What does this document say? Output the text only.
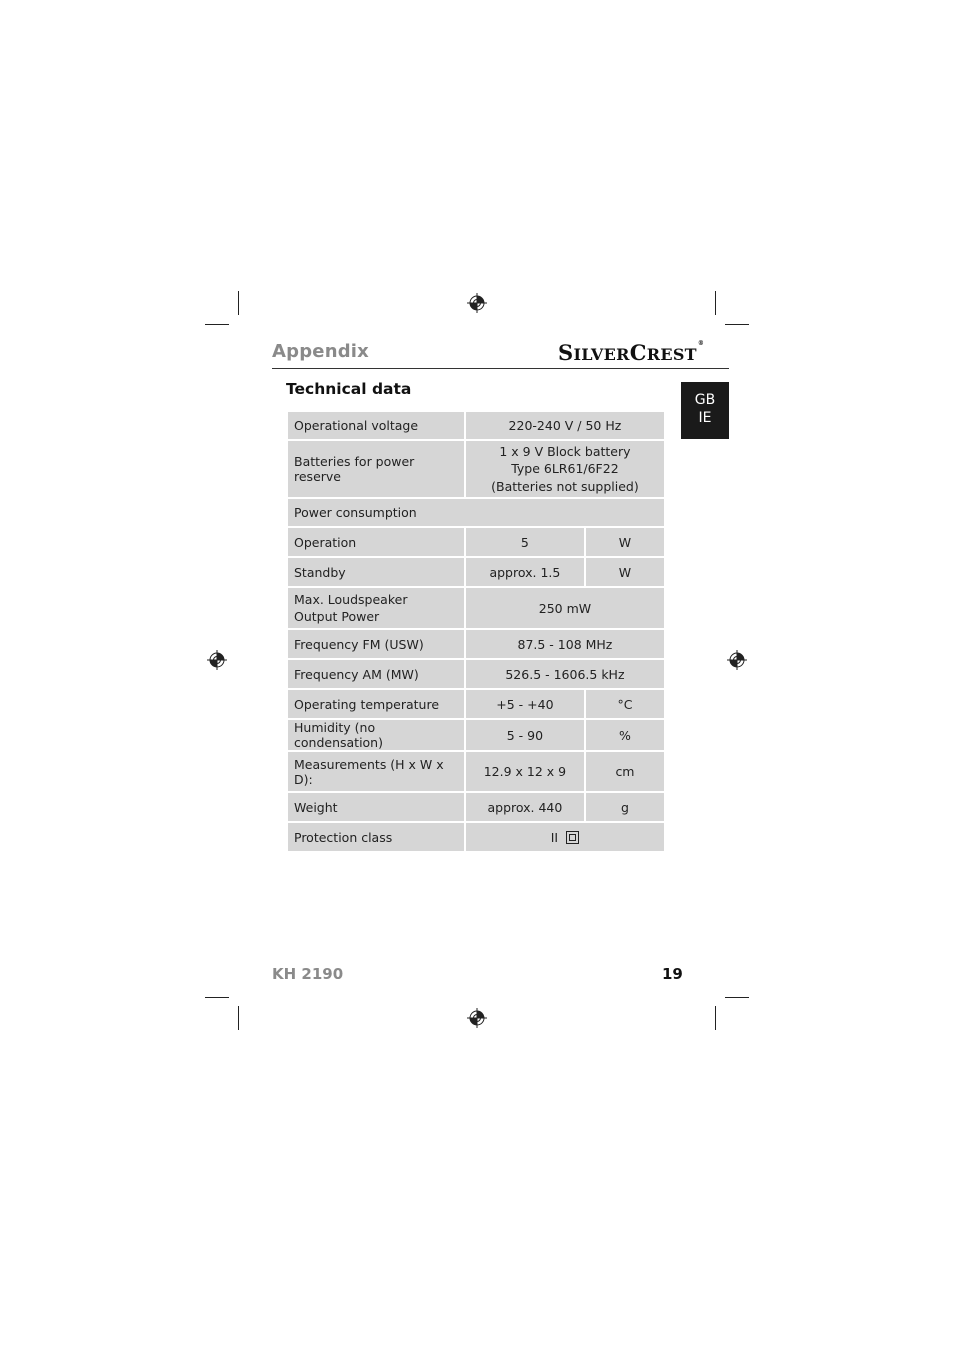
Appendix	SILVERCREST®
GB
IE
Technical data
Operational voltage	220-240 V / 50 Hz	
Batteries for power reserve	1 x 9 V Block battery
Type 6LR61/6F22
(Batteries not supplied)	

Power consumption		
Operation	5	W
Standby	approx. 1.5	W

Max. Loudspeaker
Output Power	250 mW	
Frequency FM (USW)	87.5 - 108 MHz	
Frequency AM (MW)	526.5 - 1606.5 kHz	
Operating temperature	+5 - +40	°C
Humidity (no condensation)	5 - 90	%
Measurements (H x W x D):	12.9 x 12 x 9	cm
Weight	approx. 440	g
Protection class	II	
KH 2190	19
